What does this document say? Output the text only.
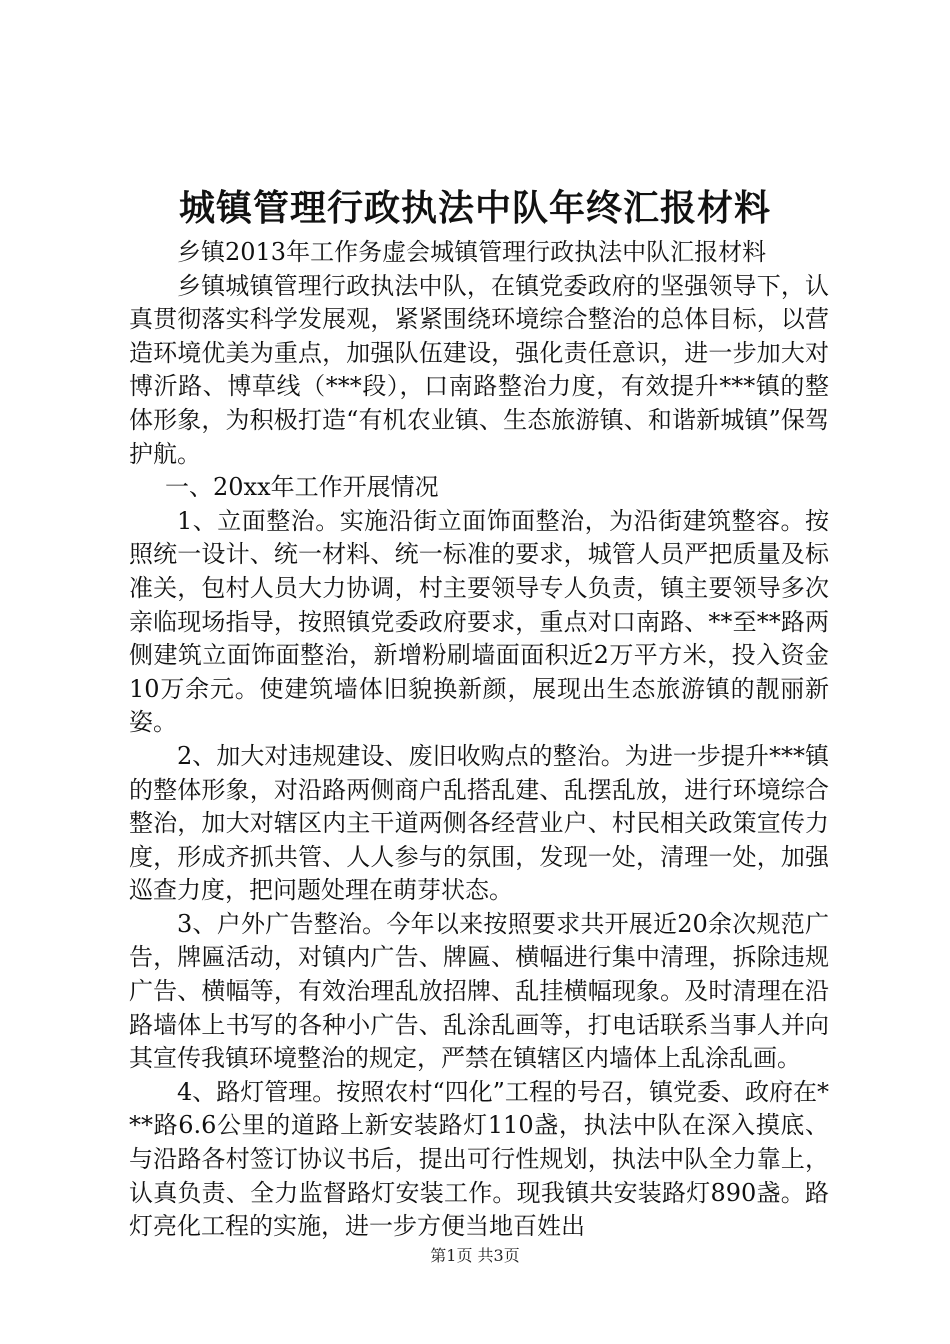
城镇管理行政执法中队年终汇报材料

乡镇2013年工作务虚会城镇管理行政执法中队汇报材料

乡镇城镇管理行政执法中队，在镇党委政府的坚强领导下，认真贯彻落实科学发展观，紧紧围绕环境综合整治的总体目标，以营造环境优美为重点，加强队伍建设，强化责任意识，进一步加大对博沂路、博草线（***段），口南路整治力度，有效提升***镇的整体形象，为积极打造“有机农业镇、生态旅游镇、和谐新城镇”保驾护航。

一、20xx年工作开展情况

1、立面整治。实施沿街立面饰面整治，为沿街建筑整容。按照统一设计、统一材料、统一标准的要求，城管人员严把质量及标准关，包村人员大力协调，村主要领导专人负责，镇主要领导多次亲临现场指导，按照镇党委政府要求，重点对口南路、**至**路两侧建筑立面饰面整治，新增粉刷墙面面积近2万平方米，投入资金10万余元。使建筑墙体旧貌换新颜，展现出生态旅游镇的靓丽新姿。

2、加大对违规建设、废旧收购点的整治。为进一步提升***镇的整体形象，对沿路两侧商户乱搭乱建、乱摆乱放，进行环境综合整治，加大对辖区内主干道两侧各经营业户、村民相关政策宣传力度，形成齐抓共管、人人参与的氛围，发现一处，清理一处，加强巡查力度，把问题处理在萌芽状态。

3、户外广告整治。今年以来按照要求共开展近20余次规范广告，牌匾活动，对镇内广告、牌匾、横幅进行集中清理，拆除违规广告、横幅等，有效治理乱放招牌、乱挂横幅现象。及时清理在沿路墙体上书写的各种小广告、乱涂乱画等，打电话联系当事人并向其宣传我镇环境整治的规定，严禁在镇辖区内墙体上乱涂乱画。

4、路灯管理。按照农村“四化”工程的号召，镇党委、政府在***路6.6公里的道路上新安装路灯110盏，执法中队在深入摸底、与沿路各村签订协议书后，提出可行性规划，执法中队全力靠上，认真负责、全力监督路灯安装工作。现我镇共安装路灯890盏。路灯亮化工程的实施，进一步方便当地百姓出

第1页 共3页
